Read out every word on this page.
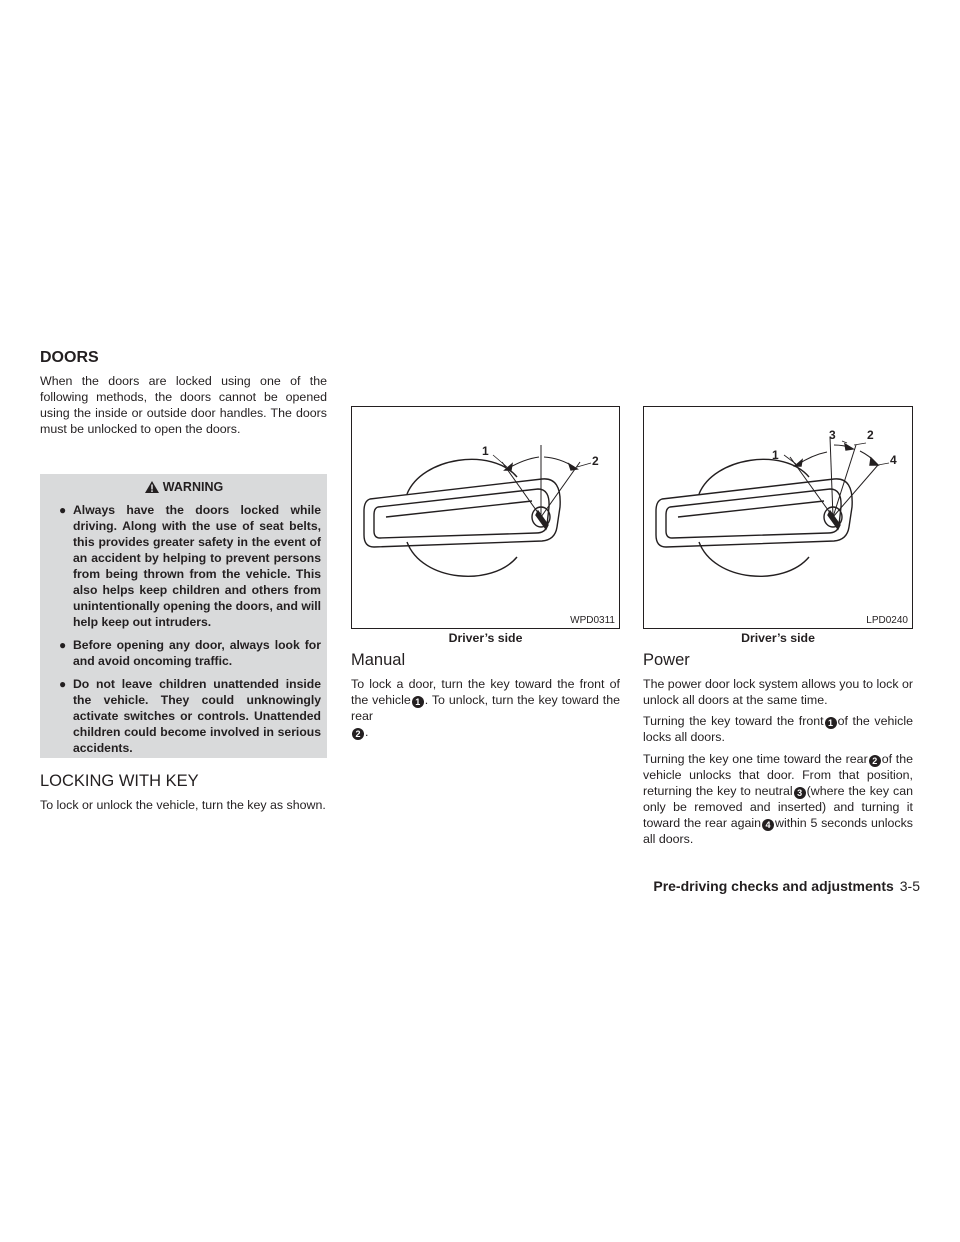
DOORS
When the doors are locked using one of the following methods, the doors cannot be opened using the inside or outside door handles. The doors must be unlocked to open the doors.
WARNING
● Always have the doors locked while driving. Along with the use of seat belts, this provides greater safety in the event of an accident by helping to prevent persons from being thrown from the vehicle. This also helps keep children and others from unintentionally opening the doors, and will help keep out intruders.
● Before opening any door, always look for and avoid oncoming traffic.
● Do not leave children unattended inside the vehicle. They could unknowingly activate switches or controls. Unattended children could become involved in serious accidents.
LOCKING WITH KEY
To lock or unlock the vehicle, turn the key as shown.
1
2
WPD0311
Driver’s side
Manual
To lock a door, turn the key toward the front of the vehicle 1 . To unlock, turn the key toward the rear
2 .
1
3	2
4
LPD0240
Driver’s side
Power
The power door lock system allows you to lock or unlock all doors at the same time.
Turning the key toward the front 1 of the vehicle locks all doors.
Turning the key one time toward the rear 2 of the vehicle unlocks that door. From that position, returning the key to neutral 3 (where the key can only be removed and inserted) and turning it toward the rear again 4 within 5 seconds unlocks all doors.
Pre-driving checks and adjustments 3-5
